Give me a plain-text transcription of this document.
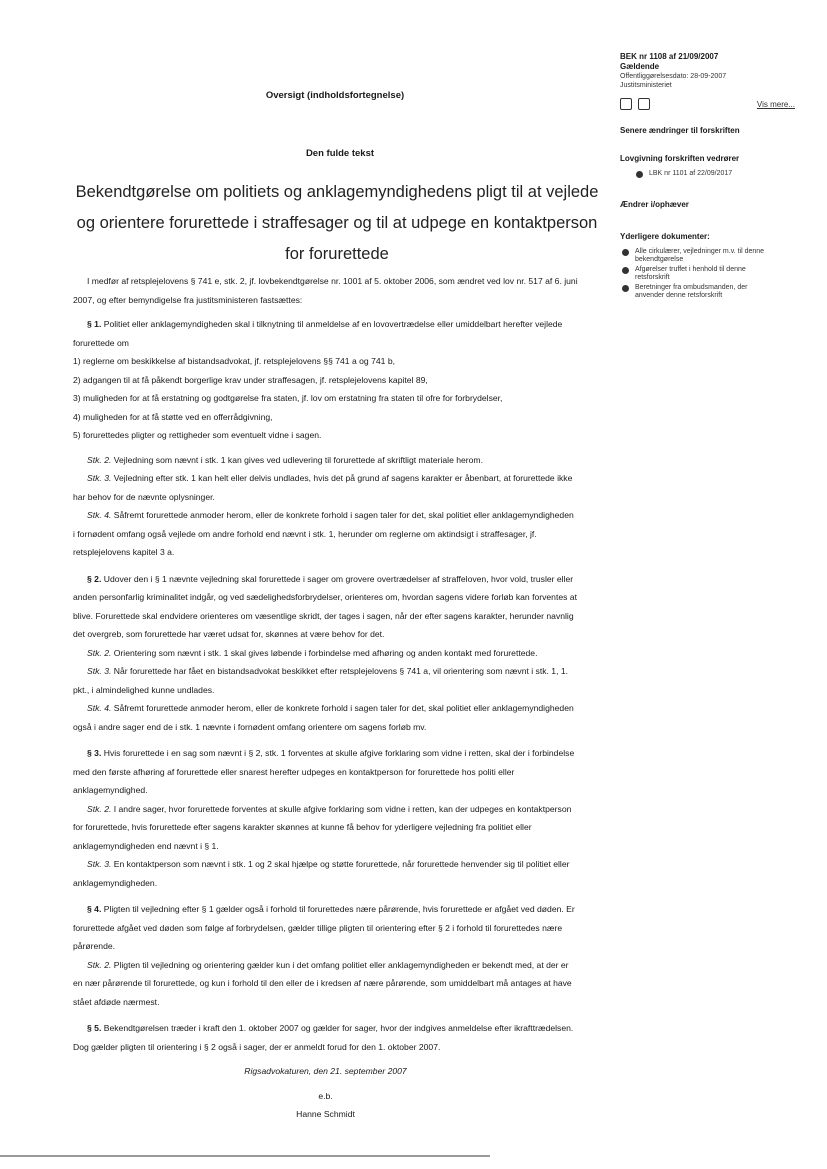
BEK nr 1108 af 21/09/2007
Gældende
Offentliggørelsesdato: 28-09-2007
Justitsministeriet
Vis mere...
Senere ændringer til forskriften
Lovgivning forskriften vedrører
LBK nr 1101 af 22/09/2017
Ændrer i/ophæver
Yderligere dokumenter:
Alle cirkulærer, vejledninger m.v. til denne bekendtgørelse
Afgørelser truffet i henhold til denne retsforskrift
Beretninger fra ombudsmanden, der anvender denne retsforskrift
Oversigt (indholdsfortegnelse)
Den fulde tekst
Bekendtgørelse om politiets og anklagemyndighedens pligt til at vejlede og orientere forurettede i straffesager og til at udpege en kontaktperson for forurettede
I medfør af retsplejelovens § 741 e, stk. 2, jf. lovbekendtgørelse nr. 1001 af 5. oktober 2006, som ændret ved lov nr. 517 af 6. juni 2007, og efter bemyndigelse fra justitsministeren fastsættes:
§ 1. Politiet eller anklagemyndigheden skal i tilknytning til anmeldelse af en lovovertrædelse eller umiddelbart herefter vejlede forurettede om
1) reglerne om beskikkelse af bistandsadvokat, jf. retsplejelovens §§ 741 a og 741 b,
2) adgangen til at få påkendt borgerlige krav under straffesagen, jf. retsplejelovens kapitel 89,
3) muligheden for at få erstatning og godtgørelse fra staten, jf. lov om erstatning fra staten til ofre for forbrydelser,
4) muligheden for at få støtte ved en offerrådgivning,
5) forurettedes pligter og rettigheder som eventuelt vidne i sagen.
Stk. 2. Vejledning som nævnt i stk. 1 kan gives ved udlevering til forurettede af skriftligt materiale herom.
Stk. 3. Vejledning efter stk. 1 kan helt eller delvis undlades, hvis det på grund af sagens karakter er åbenbart, at forurettede ikke har behov for de nævnte oplysninger.
Stk. 4. Såfremt forurettede anmoder herom, eller de konkrete forhold i sagen taler for det, skal politiet eller anklagemyndigheden i fornødent omfang også vejlede om andre forhold end nævnt i stk. 1, herunder om reglerne om aktindsigt i straffesager, jf. retsplejelovens kapitel 3 a.
§ 2. Udover den i § 1 nævnte vejledning skal forurettede i sager om grovere overtrædelser af straffeloven, hvor vold, trusler eller anden personfarlig kriminalitet indgår, og ved sædelighedsforbrydelser, orienteres om, hvordan sagens videre forløb kan forventes at blive. Forurettede skal endvidere orienteres om væsentlige skridt, der tages i sagen, når der efter sagens karakter, herunder navnlig det overgreb, som forurettede har været udsat for, skønnes at være behov for det.
Stk. 2. Orientering som nævnt i stk. 1 skal gives løbende i forbindelse med afhøring og anden kontakt med forurettede.
Stk. 3. Når forurettede har fået en bistandsadvokat beskikket efter retsplejelovens § 741 a, vil orientering som nævnt i stk. 1, 1. pkt., i almindelighed kunne undlades.
Stk. 4. Såfremt forurettede anmoder herom, eller de konkrete forhold i sagen taler for det, skal politiet eller anklagemyndigheden også i andre sager end de i stk. 1 nævnte i fornødent omfang orientere om sagens forløb mv.
§ 3. Hvis forurettede i en sag som nævnt i § 2, stk. 1 forventes at skulle afgive forklaring som vidne i retten, skal der i forbindelse med den første afhøring af forurettede eller snarest herefter udpeges en kontaktperson for forurettede hos politi eller anklagemyndighed.
Stk. 2. I andre sager, hvor forurettede forventes at skulle afgive forklaring som vidne i retten, kan der udpeges en kontaktperson for forurettede, hvis forurettede efter sagens karakter skønnes at kunne få behov for yderligere vejledning fra politiet eller anklagemyndigheden end nævnt i § 1.
Stk. 3. En kontaktperson som nævnt i stk. 1 og 2 skal hjælpe og støtte forurettede, når forurettede henvender sig til politiet eller anklagemyndigheden.
§ 4. Pligten til vejledning efter § 1 gælder også i forhold til forurettedes nære pårørende, hvis forurettede er afgået ved døden. Er forurettede afgået ved døden som følge af forbrydelsen, gælder tillige pligten til orientering efter § 2 i forhold til forurettedes nære pårørende.
Stk. 2. Pligten til vejledning og orientering gælder kun i det omfang politiet eller anklagemyndigheden er bekendt med, at der er en nær pårørende til forurettede, og kun i forhold til den eller de i kredsen af nære pårørende, som umiddelbart må antages at have stået afdøde nærmest.
§ 5. Bekendtgørelsen træder i kraft den 1. oktober 2007 og gælder for sager, hvor der indgives anmeldelse efter ikrafttrædelsen. Dog gælder pligten til orientering i § 2 også i sager, der er anmeldt forud for den 1. oktober 2007.
Rigsadvokaturen, den 21. september 2007
e.b.
Hanne Schmidt
